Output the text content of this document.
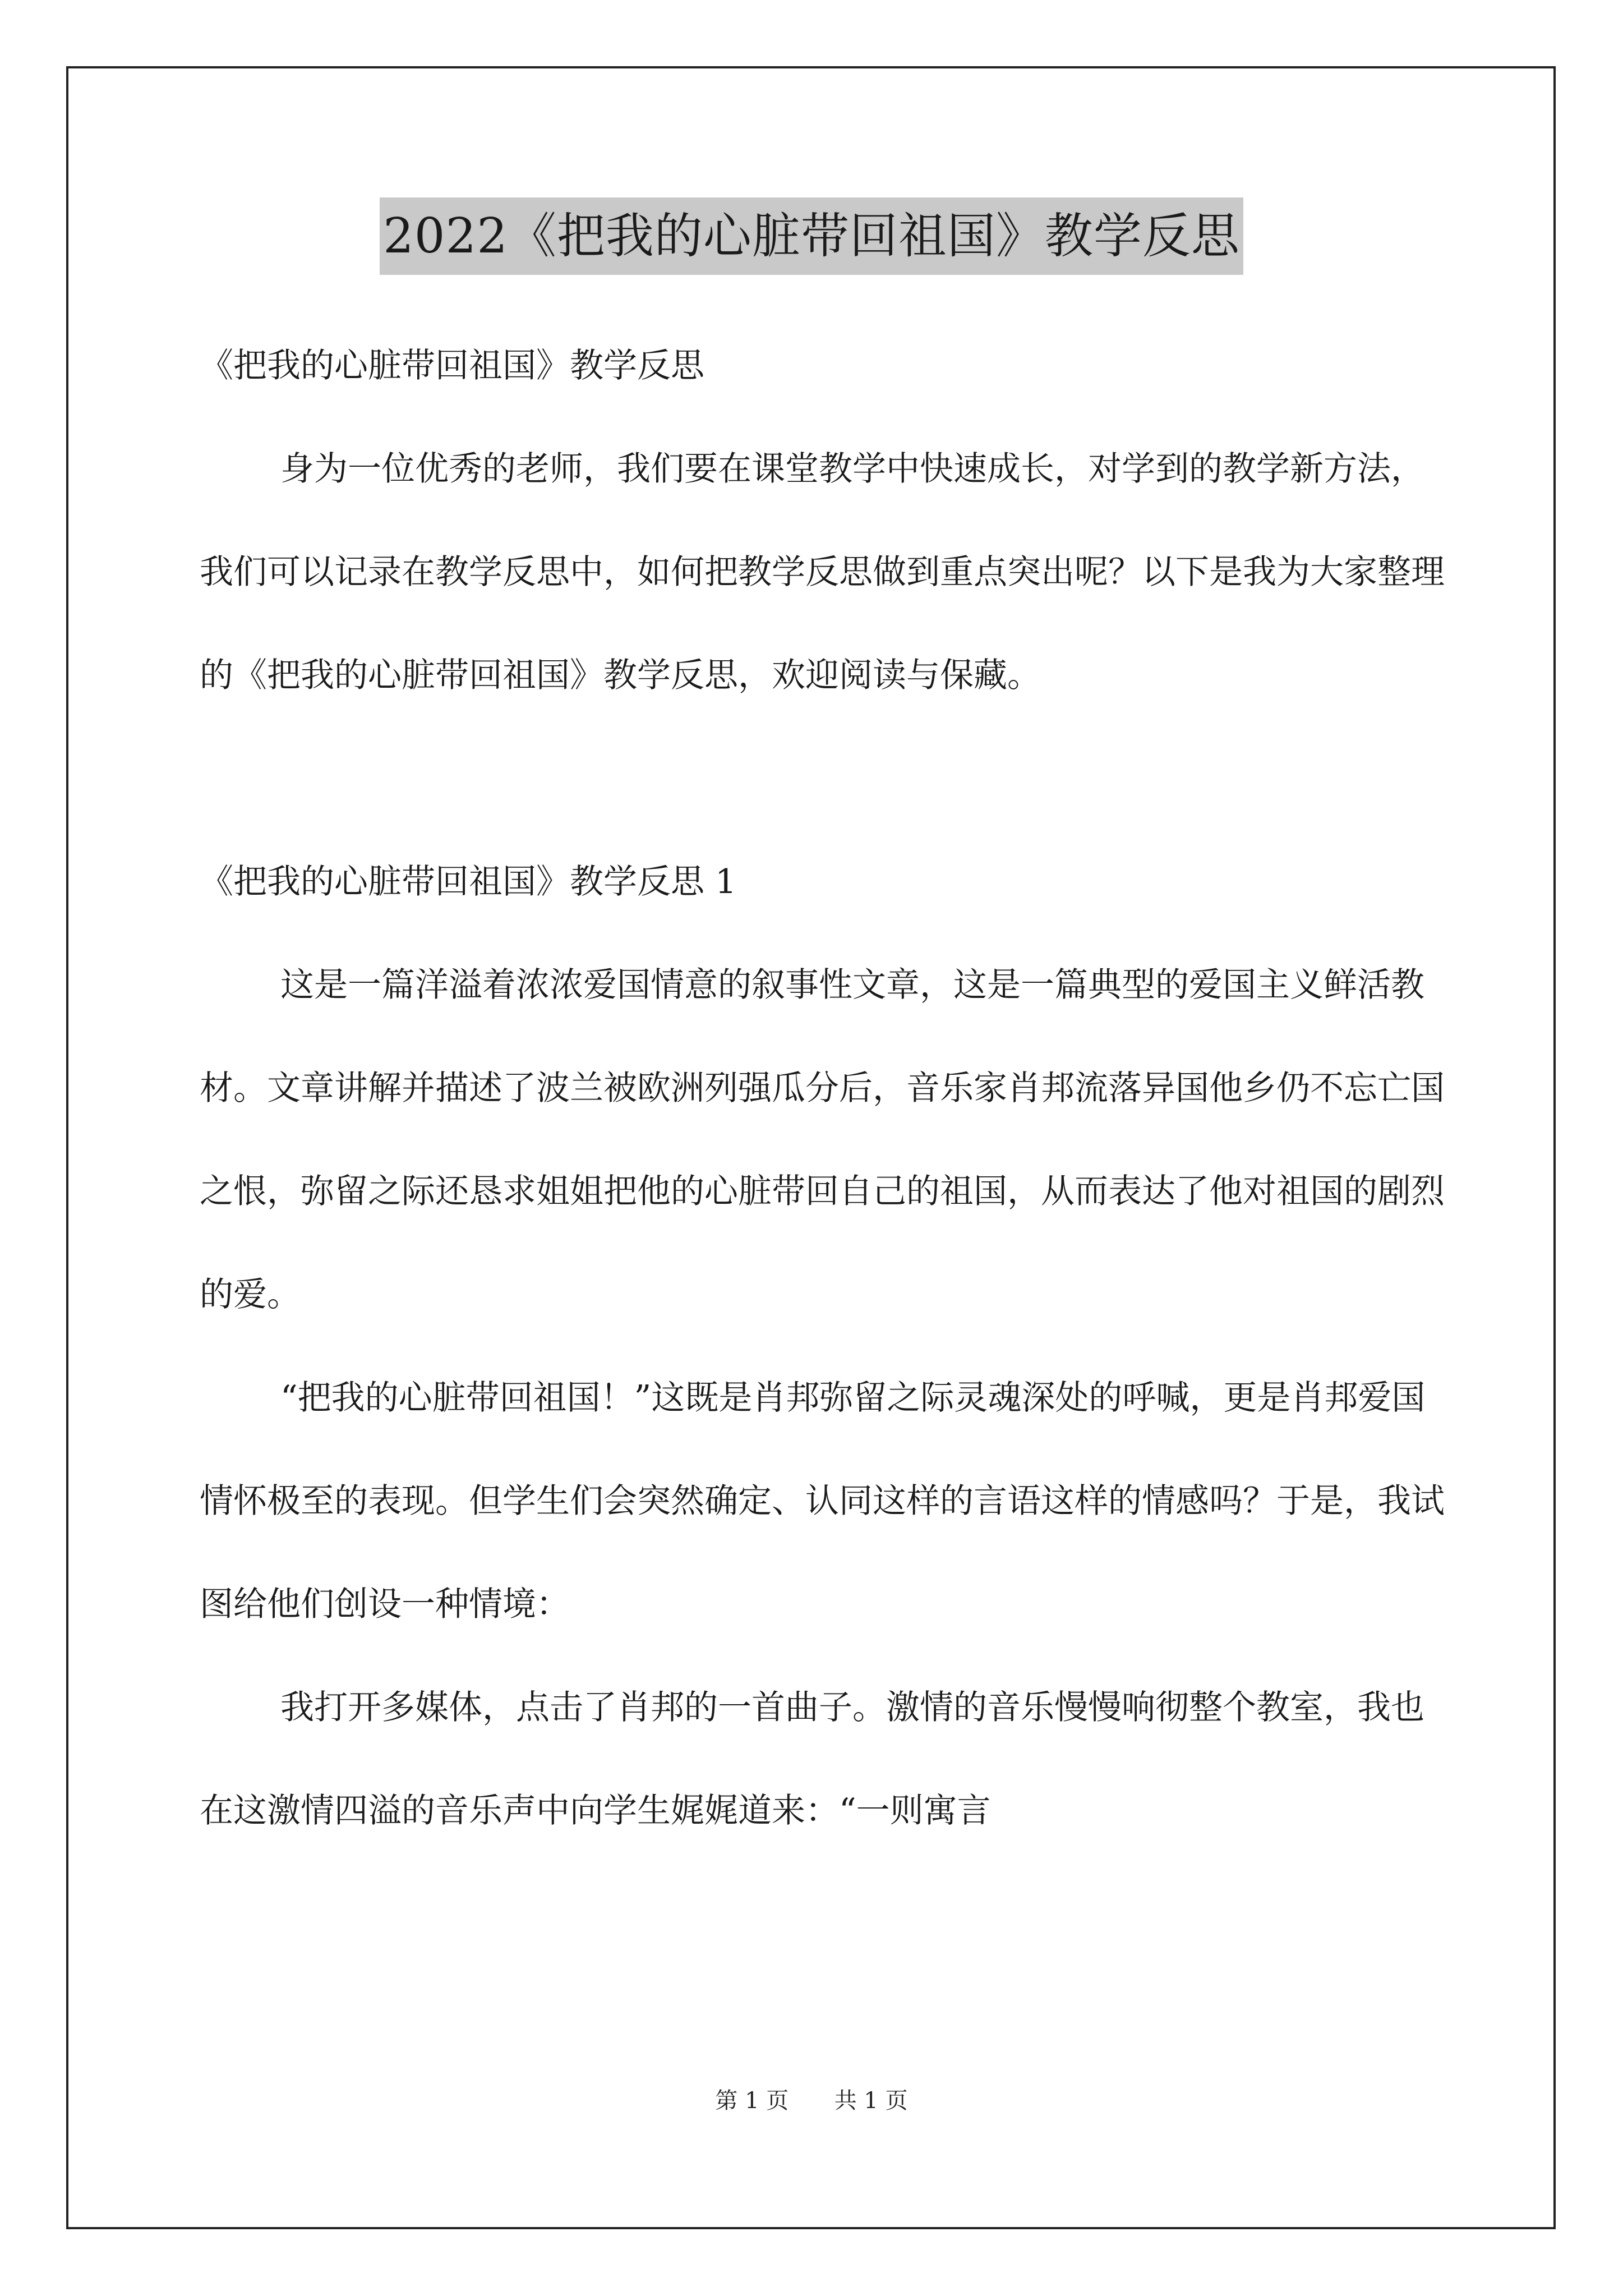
2022《把我的心脏带回祖国》教学反思

《把我的心脏带回祖国》教学反思

身为一位优秀的老师，我们要在课堂教学中快速成长，对学到的教学新方法，我们可以记录在教学反思中，如何把教学反思做到重点突出呢？以下是我为大家整理的《把我的心脏带回祖国》教学反思，欢迎阅读与保藏。

《把我的心脏带回祖国》教学反思 1

这是一篇洋溢着浓浓爱国情意的叙事性文章，这是一篇典型的爱国主义鲜活教材。文章讲解并描述了波兰被欧洲列强瓜分后，音乐家肖邦流落异国他乡仍不忘亡国之恨，弥留之际还恳求姐姐把他的心脏带回自己的祖国，从而表达了他对祖国的剧烈的爱。

“把我的心脏带回祖国！”这既是肖邦弥留之际灵魂深处的呼喊，更是肖邦爱国情怀极至的表现。但学生们会突然确定、认同这样的言语这样的情感吗？于是，我试图给他们创设一种情境：

我打开多媒体，点击了肖邦的一首曲子。激情的音乐慢慢响彻整个教室，我也在这激情四溢的音乐声中向学生娓娓道来：“一则寓言

第 1 页 共 1 页
